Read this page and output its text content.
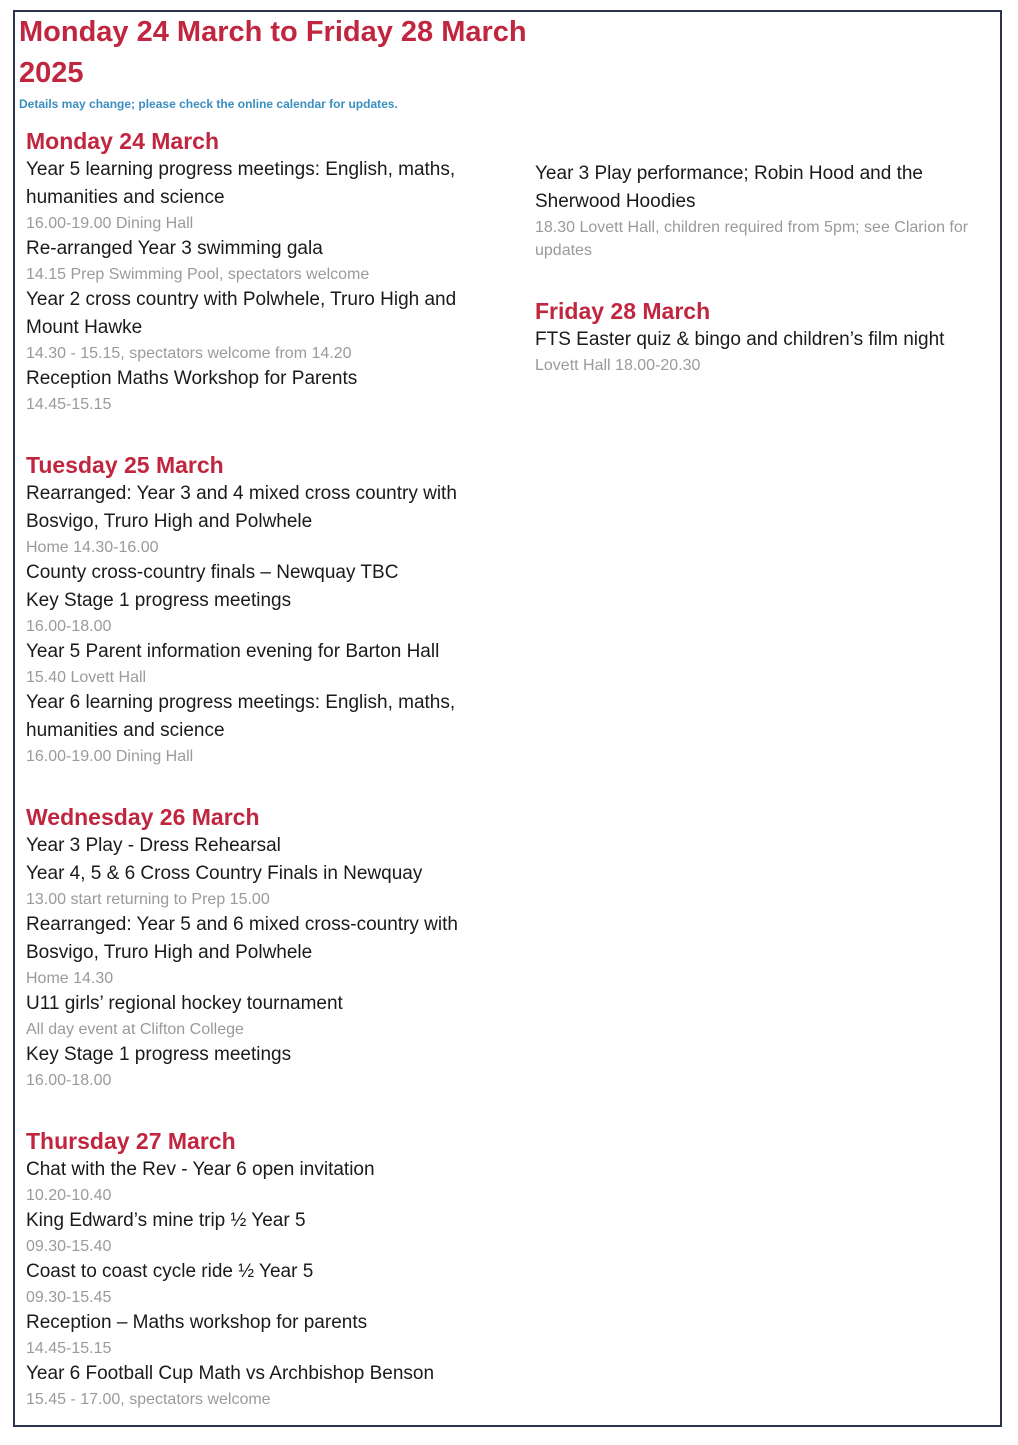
Monday 24 March to Friday 28 March 2025

Details may change; please check the online calendar for updates.

Monday 24 March
Year 5 learning progress meetings: English, maths, humanities and science
16.00-19.00 Dining Hall
Re-arranged Year 3 swimming gala
14.15 Prep Swimming Pool, spectators welcome
Year 2 cross country with Polwhele, Truro High and Mount Hawke
14.30 - 15.15, spectators welcome from 14.20
Reception Maths Workshop for Parents
14.45-15.15
Tuesday 25 March
Rearranged: Year 3 and 4 mixed cross country with Bosvigo, Truro High and Polwhele
Home 14.30-16.00
County cross-country finals – Newquay TBC
Key Stage 1 progress meetings
16.00-18.00
Year 5 Parent information evening for Barton Hall
15.40 Lovett Hall
Year 6 learning progress meetings: English, maths, humanities and science
16.00-19.00 Dining Hall
Wednesday 26 March
Year 3 Play - Dress Rehearsal
Year 4, 5 & 6 Cross Country Finals in Newquay
13.00 start returning to Prep 15.00
Rearranged: Year 5 and 6 mixed cross-country with Bosvigo, Truro High and Polwhele
Home 14.30
U11 girls’ regional hockey tournament
All day event at Clifton College
Key Stage 1 progress meetings
16.00-18.00
Thursday 27 March
Chat with the Rev - Year 6 open invitation
10.20-10.40
King Edward’s mine trip ½ Year 5
09.30-15.40
Coast to coast cycle ride ½ Year 5
09.30-15.45
Reception – Maths workshop for parents
14.45-15.15
Year 6 Football Cup Math vs Archbishop Benson
15.45 - 17.00, spectators welcome
Year 3 Play performance; Robin Hood and the Sherwood Hoodies
18.30 Lovett Hall, children required from 5pm; see Clarion for updates
Friday 28 March
FTS Easter quiz & bingo and children’s film night
Lovett Hall 18.00-20.30
